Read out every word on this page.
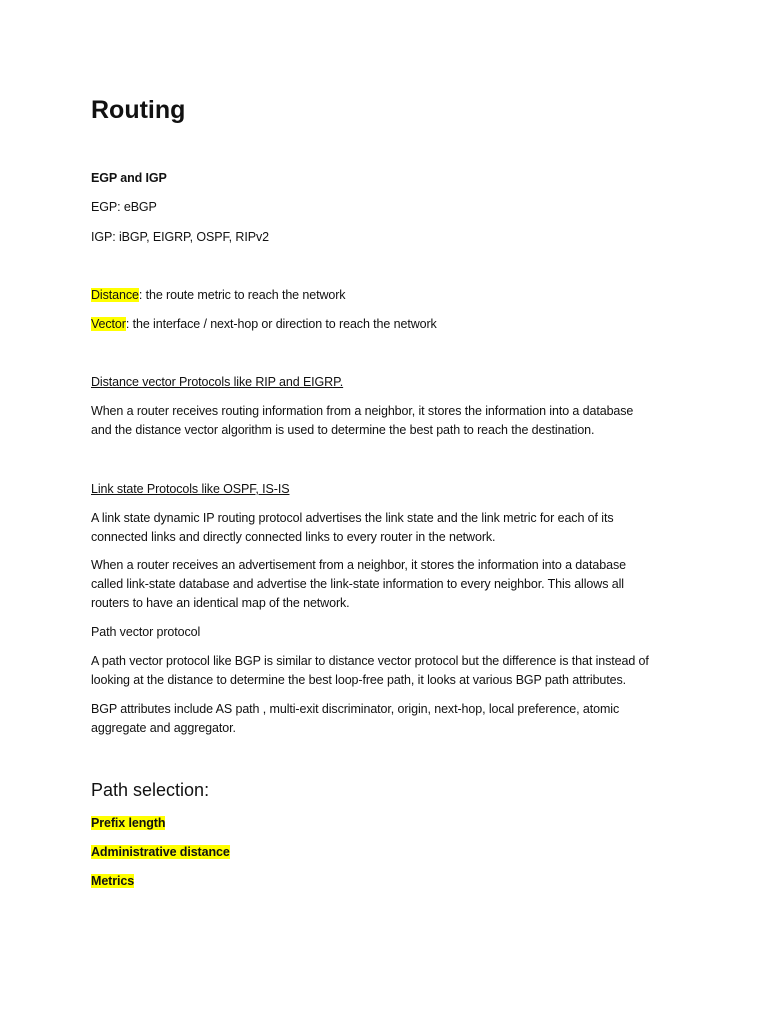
Routing
EGP and IGP
EGP: eBGP
IGP: iBGP, EIGRP, OSPF, RIPv2
Distance: the route metric to reach the network
Vector: the interface / next-hop or direction to reach the network
Distance vector Protocols like RIP and EIGRP.
When a router receives routing information from a neighbor, it stores the information into a database
and the distance vector algorithm is used to determine the best path to reach the destination.
Link state Protocols like OSPF, IS-IS
A link state dynamic IP routing protocol advertises the link state and the link metric for each of its
connected links and directly connected links to every router in the network.
When a router receives an advertisement from a neighbor, it stores the information into a database
called link-state database and advertise the link-state information to every neighbor. This allows all
routers to have an identical map of the network.
Path vector protocol
A path vector protocol like BGP is similar to distance vector protocol but the difference is that instead of
looking at the distance to determine the best loop-free path, it looks at various BGP path attributes.
BGP attributes include AS path , multi-exit discriminator, origin, next-hop, local preference, atomic
aggregate and aggregator.
Path selection:
Prefix length
Administrative distance
Metrics
